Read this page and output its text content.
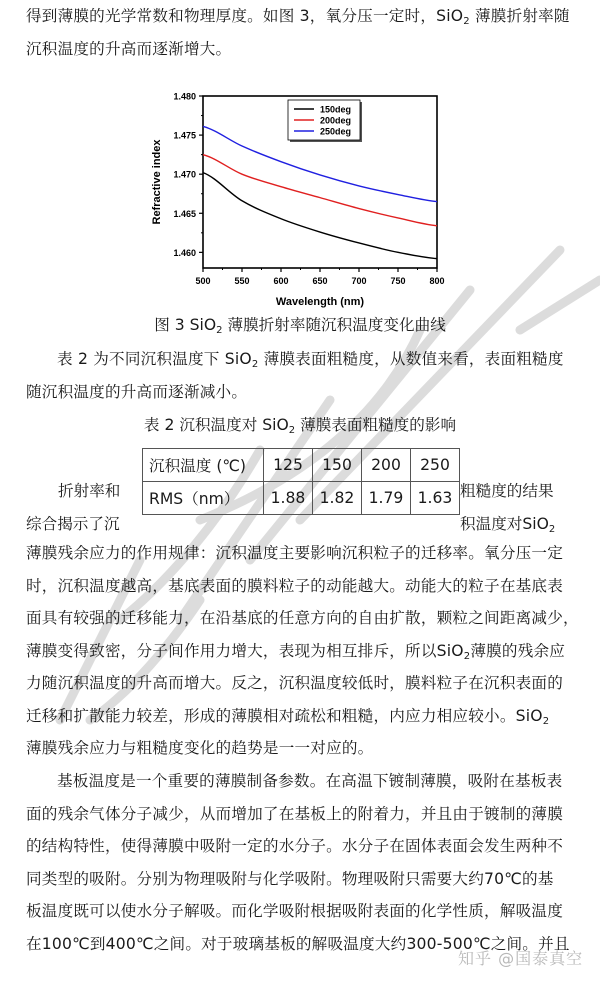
得到薄膜的光学常数和物理厚度。如图 3，氧分压一定时，SiO$_2$ 薄膜折射率随
沉积温度的升高而逐渐增大。
1.460
1.465
1.470
1.475
1.480
500	550	600	650	700	750	800
Wavelength (nm)
Refractive index
150deg
200deg
250deg
图 3 SiO$_2$ 薄膜折射率随沉积温度变化曲线
表 2 为不同沉积温度下 SiO$_2$ 薄膜表面粗糙度，从数值来看，表面粗糙度
随沉积温度的升高而逐渐减小。
表 2 沉积温度对 SiO$_2$ 薄膜表面粗糙度的影响
沉积温度 (℃)	125	150	200	250
RMS（nm）	1.88	1.82	1.79	1.63
折射率和
综合揭示了沉
粗糙度的结果
积温度对SiO$_2$
薄膜残余应力的作用规律：沉积温度主要影响沉积粒子的迁移率。氧分压一定
时，沉积温度越高，基底表面的膜料粒子的动能越大。动能大的粒子在基底表
面具有较强的迁移能力，在沿基底的任意方向的自由扩散，颗粒之间距离减少，
薄膜变得致密，分子间作用力增大，表现为相互排斥，所以SiO$_2$薄膜的残余应
力随沉积温度的升高而增大。反之，沉积温度较低时，膜料粒子在沉积表面的
迁移和扩散能力较差，形成的薄膜相对疏松和粗糙，内应力相应较小。SiO$_2$
薄膜残余应力与粗糙度变化的趋势是一一对应的。
基板温度是一个重要的薄膜制备参数。在高温下镀制薄膜，吸附在基板表
面的残余气体分子减少，从而增加了在基板上的附着力，并且由于镀制的薄膜
的结构特性，使得薄膜中吸附一定的水分子。水分子在固体表面会发生两种不
同类型的吸附。分别为物理吸附与化学吸附。物理吸附只需要大约70℃的基
板温度既可以使水分子解吸。而化学吸附根据吸附表面的化学性质，解吸温度
在100℃到400℃之间。对于玻璃基板的解吸温度大约300-500℃之间。并且
知乎 @国泰真空
